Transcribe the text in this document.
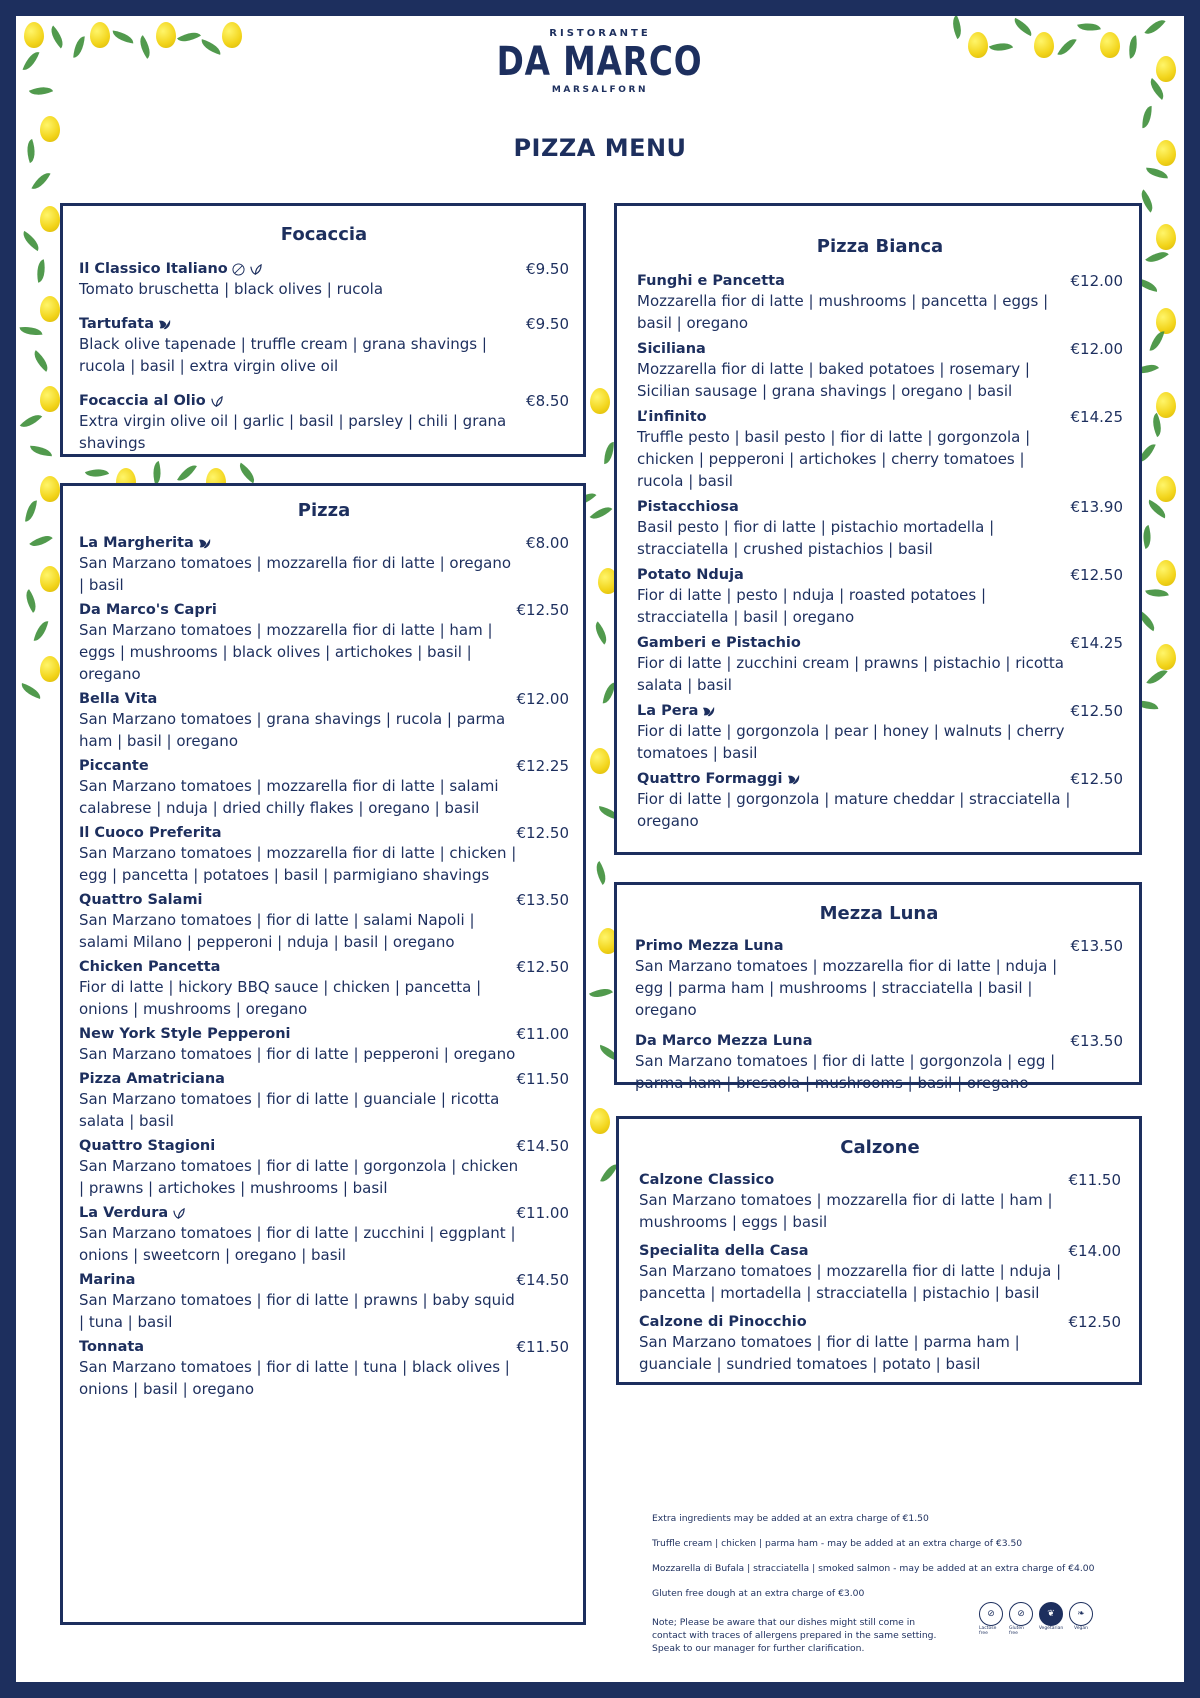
RISTORANTE
DA MARCO
MARSALFORN
PIZZA MENU
Focaccia
Il Classico Italiano	€9.50
Tomato bruschetta | black olives | rucola
Tartufata	€9.50
Black olive tapenade | truffle cream | grana shavings | rucola | basil | extra virgin olive oil
Focaccia al Olio	€8.50
Extra virgin olive oil | garlic | basil | parsley | chili | grana shavings
Pizza
La Margherita	€8.00
San Marzano tomatoes | mozzarella fior di latte | oregano | basil
Da Marco's Capri	€12.50
San Marzano tomatoes | mozzarella fior di latte | ham | eggs | mushrooms | black olives | artichokes | basil | oregano
Bella Vita	€12.00
San Marzano tomatoes | grana shavings | rucola | parma ham | basil | oregano
Piccante	€12.25
San Marzano tomatoes | mozzarella fior di latte | salami calabrese | nduja | dried chilly flakes | oregano | basil
Il Cuoco Preferita	€12.50
San Marzano tomatoes | mozzarella fior di latte | chicken | egg | pancetta | potatoes | basil | parmigiano shavings
Quattro Salami	€13.50
San Marzano tomatoes | fior di latte | salami Napoli | salami Milano | pepperoni | nduja | basil | oregano
Chicken Pancetta	€12.50
Fior di latte | hickory BBQ sauce | chicken | pancetta | onions | mushrooms | oregano
New York Style Pepperoni	€11.00
San Marzano tomatoes | fior di latte | pepperoni | oregano
Pizza Amatriciana	€11.50
San Marzano tomatoes | fior di latte | guanciale | ricotta salata | basil
Quattro Stagioni	€14.50
San Marzano tomatoes | fior di latte | gorgonzola | chicken | prawns | artichokes | mushrooms | basil
La Verdura	€11.00
San Marzano tomatoes | fior di latte | zucchini | eggplant | onions | sweetcorn | oregano | basil
Marina	€14.50
San Marzano tomatoes | fior di latte | prawns | baby squid | tuna | basil
Tonnata	€11.50
San Marzano tomatoes | fior di latte | tuna | black olives | onions | basil | oregano
Pizza Bianca
Funghi e Pancetta	€12.00
Mozzarella fior di latte | mushrooms | pancetta | eggs | basil | oregano
Siciliana	€12.00
Mozzarella fior di latte | baked potatoes | rosemary | Sicilian sausage | grana shavings | oregano | basil
L’infinito	€14.25
Truffle pesto | basil pesto | fior di latte | gorgonzola | chicken | pepperoni | artichokes | cherry tomatoes | rucola | basil
Pistacchiosa	€13.90
Basil pesto | fior di latte | pistachio mortadella | stracciatella | crushed pistachios | basil
Potato Nduja	€12.50
Fior di latte | pesto | nduja | roasted potatoes | stracciatella | basil | oregano
Gamberi e Pistachio	€14.25
Fior di latte | zucchini cream | prawns | pistachio | ricotta salata | basil
La Pera	€12.50
Fior di latte | gorgonzola | pear | honey | walnuts | cherry tomatoes | basil
Quattro Formaggi	€12.50
Fior di latte | gorgonzola | mature cheddar | stracciatella | oregano
Mezza Luna
Primo Mezza Luna	€13.50
San Marzano tomatoes | mozzarella fior di latte | nduja | egg | parma ham | mushrooms | stracciatella | basil | oregano
Da Marco Mezza Luna	€13.50
San Marzano tomatoes | fior di latte | gorgonzola | egg | parma ham | bresaola | mushrooms | basil | oregano
Calzone
Calzone Classico	€11.50
San Marzano tomatoes | mozzarella fior di latte | ham | mushrooms | eggs | basil
Specialita della Casa	€14.00
San Marzano tomatoes | mozzarella fior di latte | nduja | pancetta | mortadella | stracciatella | pistachio | basil
Calzone di Pinocchio	€12.50
San Marzano tomatoes | fior di latte | parma ham | guanciale | sundried tomatoes | potato | basil

Extra ingredients may be added at an extra charge of €1.50

Truffle cream | chicken | parma ham - may be added at an extra charge of €3.50

Mozzarella di Bufala | stracciatella | smoked salmon - may be added at an extra charge of €4.00

Gluten free dough at an extra charge of €3.00

Note; Please be aware that our dishes might still come in contact with traces of allergens prepared in the same setting. Speak to our manager for further clarification.

⊘
Lactose free
⊘
Gluten free
❦
Vegetarian
❧
Vegan
